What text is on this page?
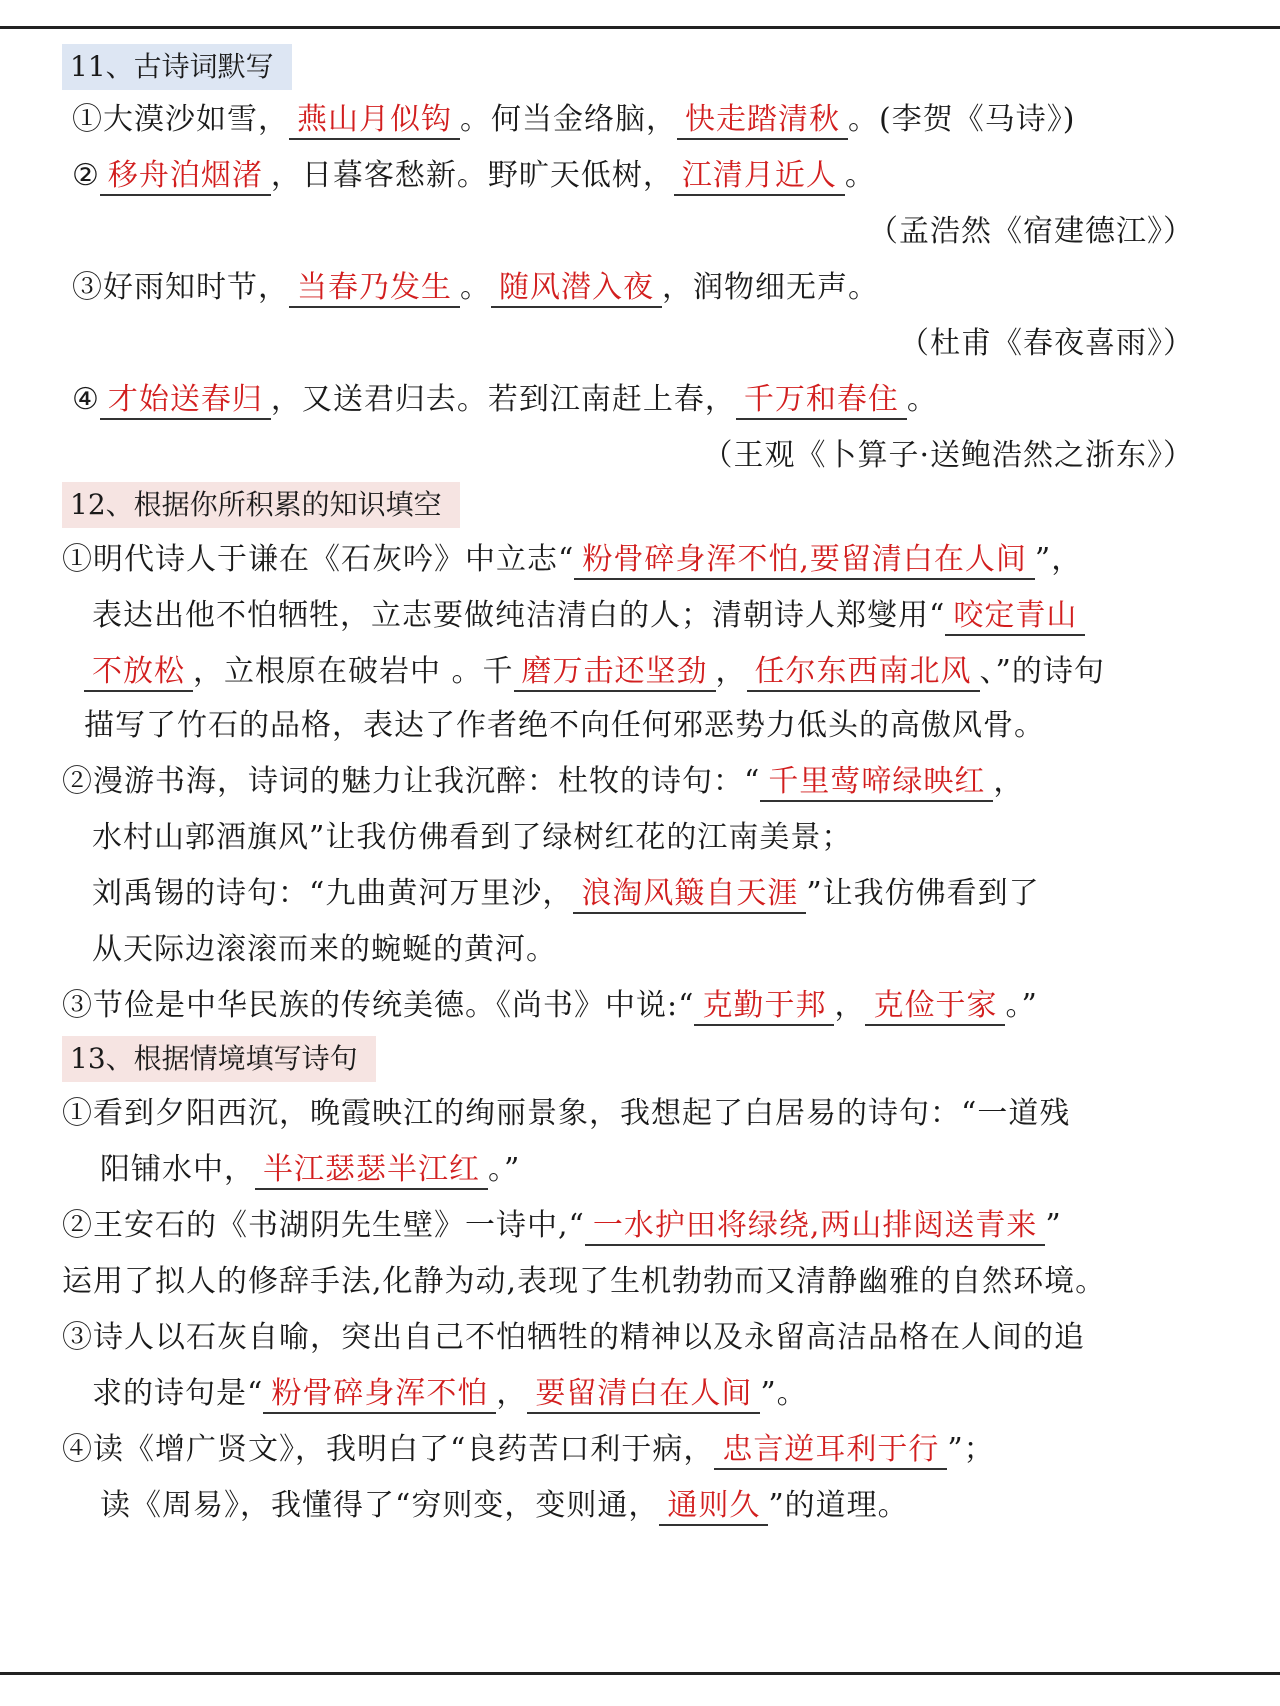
11、古诗词默写
①大漠沙如雪， 燕山月似钩 。何当金络脑， 快走踏清秋 。(李贺《马诗》)
② 移舟泊烟渚 ，日暮客愁新。野旷天低树， 江清月近人 。
（孟浩然《宿建德江》）
③好雨知时节， 当春乃发生 。 随风潜入夜 ，润物细无声。
（杜甫《春夜喜雨》）
④ 才始送春归 ，又送君归去。若到江南赶上春， 千万和春住 。
（王观《卜算子·送鲍浩然之浙东》）
12、根据你所积累的知识填空
①明代诗人于谦在《石灰吟》中立志“ 粉骨碎身浑不怕,要留清白在人间 ”，
表达出他不怕牺牲，立志要做纯洁清白的人；清朝诗人郑燮用“ 咬定青山
不放松 ，立根原在破岩中 。千 磨万击还坚劲 ， 任尔东西南北风 、”的诗句
描写了竹石的品格，表达了作者绝不向任何邪恶势力低头的高傲风骨。
②漫游书海，诗词的魅力让我沉醉：杜牧的诗句：“ 千里莺啼绿映红 ，
水村山郭酒旗风”让我仿佛看到了绿树红花的江南美景；
刘禹锡的诗句：“九曲黄河万里沙， 浪淘风簸自天涯 ”让我仿佛看到了
从天际边滚滚而来的蜿蜒的黄河。
③节俭是中华民族的传统美德。《尚书》中说:“ 克勤于邦 ， 克俭于家 。”
13、根据情境填写诗句
①看到夕阳西沉，晚霞映江的绚丽景象，我想起了白居易的诗句：“一道残
阳铺水中， 半江瑟瑟半江红 。”
②王安石的《书湖阴先生壁》一诗中,“ 一水护田将绿绕,两山排闼送青来 ”
运用了拟人的修辞手法,化静为动,表现了生机勃勃而又清静幽雅的自然环境。
③诗人以石灰自喻，突出自己不怕牺牲的精神以及永留高洁品格在人间的追
求的诗句是“ 粉骨碎身浑不怕 ， 要留清白在人间 ”。
④读《增广贤文》，我明白了“良药苦口利于病， 忠言逆耳利于行 ”；
读《周易》，我懂得了“穷则变，变则通， 通则久 ”的道理。
